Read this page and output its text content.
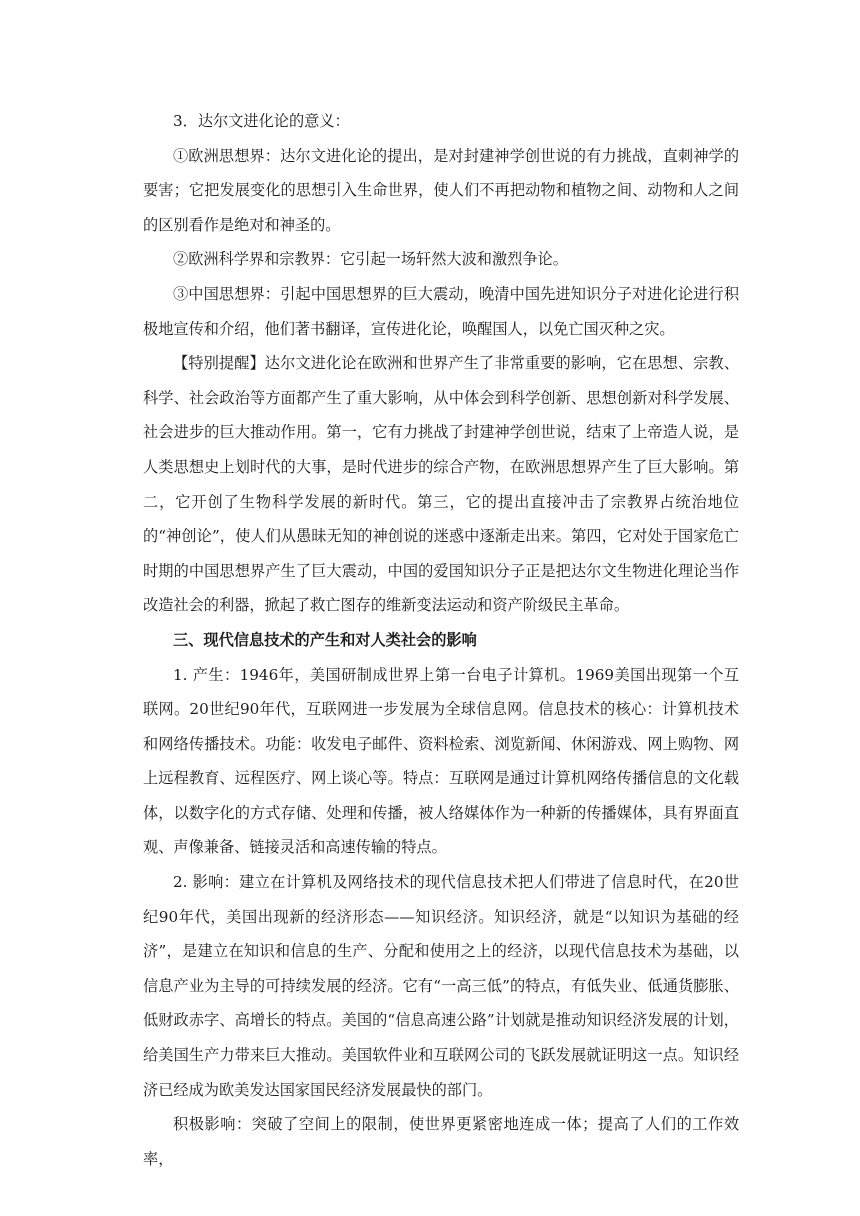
3．达尔文进化论的意义：

①欧洲思想界：达尔文进化论的提出，是对封建神学创世说的有力挑战，直刺神学的要害；它把发展变化的思想引入生命世界，使人们不再把动物和植物之间、动物和人之间的区别看作是绝对和神圣的。

②欧洲科学界和宗教界：它引起一场轩然大波和激烈争论。

③中国思想界：引起中国思想界的巨大震动，晚清中国先进知识分子对进化论进行积极地宣传和介绍，他们著书翻译，宣传进化论，唤醒国人，以免亡国灭种之灾。

【特别提醒】达尔文进化论在欧洲和世界产生了非常重要的影响，它在思想、宗教、科学、社会政治等方面都产生了重大影响，从中体会到科学创新、思想创新对科学发展、社会进步的巨大推动作用。第一，它有力挑战了封建神学创世说，结束了上帝造人说，是人类思想史上划时代的大事，是时代进步的综合产物，在欧洲思想界产生了巨大影响。第二，它开创了生物科学发展的新时代。第三，它的提出直接冲击了宗教界占统治地位的“神创论”，使人们从愚昧无知的神创说的迷惑中逐渐走出来。第四，它对处于国家危亡时期的中国思想界产生了巨大震动，中国的爱国知识分子正是把达尔文生物进化理论当作改造社会的利器，掀起了救亡图存的维新变法运动和资产阶级民主革命。

三、现代信息技术的产生和对人类社会的影响

1. 产生：1946年，美国研制成世界上第一台电子计算机。1969美国出现第一个互联网。20世纪90年代，互联网进一步发展为全球信息网。信息技术的核心：计算机技术和网络传播技术。功能：收发电子邮件、资料检索、浏览新闻、休闲游戏、网上购物、网上远程教育、远程医疗、网上谈心等。特点：互联网是通过计算机网络传播信息的文化载体，以数字化的方式存储、处理和传播，被人络媒体作为一种新的传播媒体，具有界面直观、声像兼备、链接灵活和高速传输的特点。

2. 影响：建立在计算机及网络技术的现代信息技术把人们带进了信息时代，在20世纪90年代，美国出现新的经济形态——知识经济。知识经济，就是“以知识为基础的经济”，是建立在知识和信息的生产、分配和使用之上的经济，以现代信息技术为基础，以信息产业为主导的可持续发展的经济。它有“一高三低”的特点，有低失业、低通货膨胀、低财政赤字、高增长的特点。美国的“信息高速公路”计划就是推动知识经济发展的计划，给美国生产力带来巨大推动。美国软件业和互联网公司的飞跃发展就证明这一点。知识经济已经成为欧美发达国家国民经济发展最快的部门。

积极影响：突破了空间上的限制，使世界更紧密地连成一体；提高了人们的工作效率，
